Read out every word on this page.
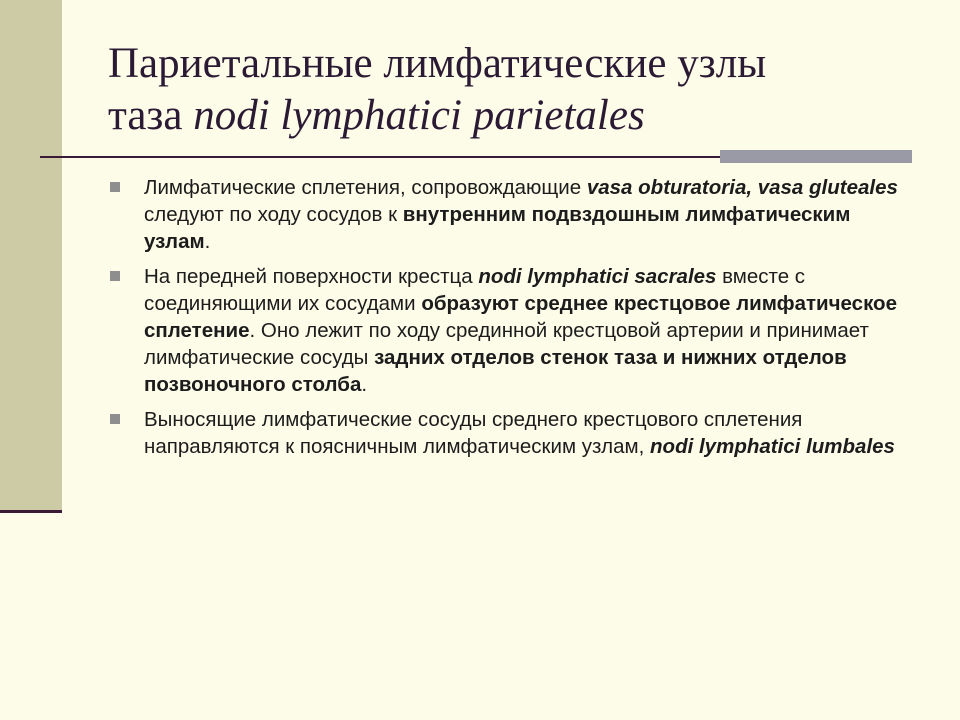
Париетальные лимфатические узлы
таза nodi lymphatici parietales
Лимфатические сплетения, сопровождающие vasa obturatoria, vasa gluteales следуют по ходу сосудов к внутренним подвздошным лимфатическим узлам.
На передней поверхности крестца nodi lymphatici sacrales вместе с соединяющими их сосудами образуют среднее крестцовое лимфатическое сплетение. Оно лежит по ходу срединной крестцовой артерии и принимает лимфатические сосуды задних отделов стенок таза и нижних отделов позвоночного столба.
Выносящие лимфатические сосуды среднего крестцового сплетения направляются к поясничным лимфатическим узлам, nodi lymphatici lumbales
